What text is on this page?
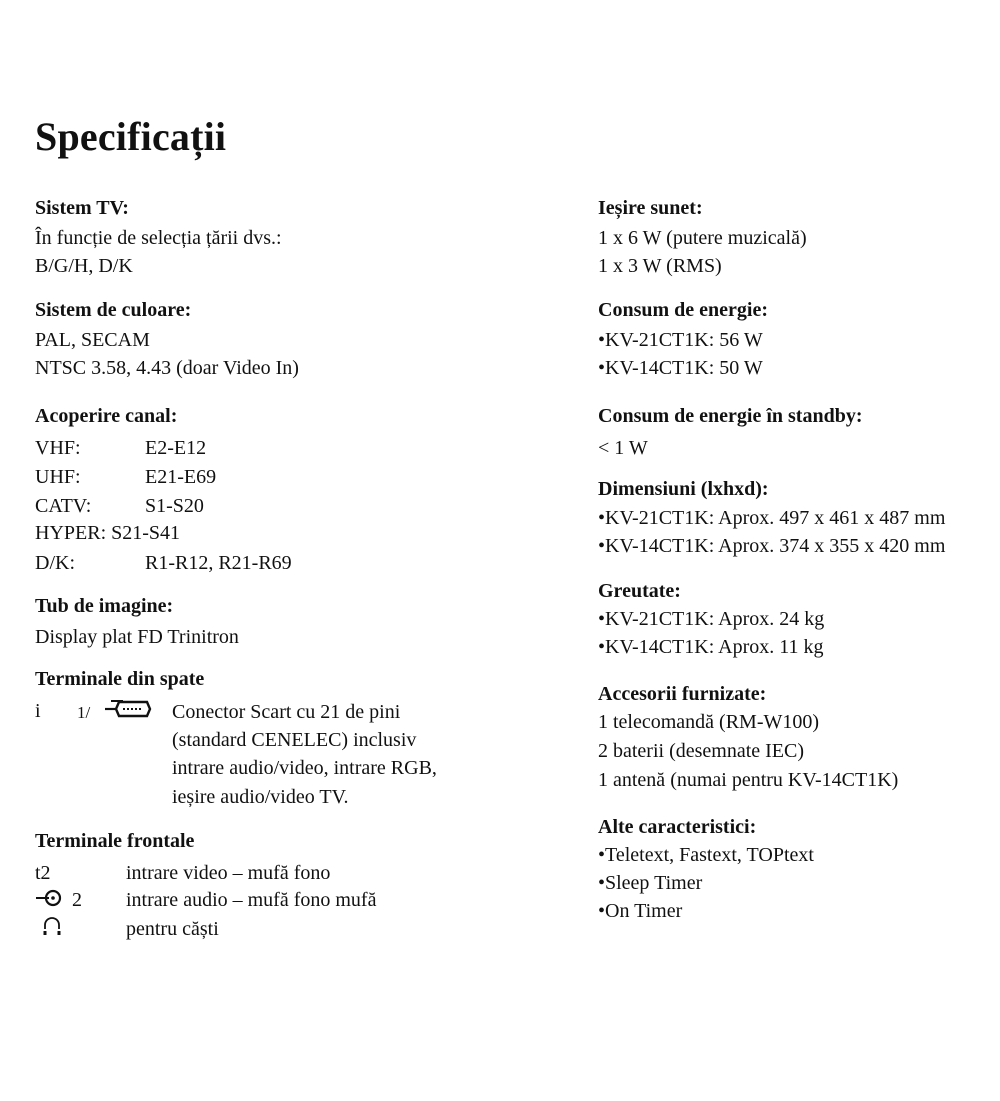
Specificații
Sistem TV:
În funcție de selecția țării dvs.:
B/G/H, D/K
Sistem de culoare:
PAL, SECAM
NTSC 3.58, 4.43 (doar Video In)
Acoperire canal:
VHF:	E2-E12
UHF:	E21-E69
CATV:	S1-S20
HYPER: S21-S41
D/K:	R1-R12, R21-R69
Tub de imagine:
Display plat FD Trinitron
Terminale din spate
i 1/	Conector Scart cu 21 de pini
(standard CENELEC) inclusiv
intrare audio/video, intrare RGB,
ieșire audio/video TV.
Terminale frontale
t2	intrare video – mufă fono
2 intrare audio – mufă fono mufă
pentru căști
Ieșire sunet:
1 x 6 W (putere muzicală)
1 x 3 W (RMS)
Consum de energie:
•KV-21CT1K: 56 W
•KV-14CT1K: 50 W
Consum de energie în standby:
< 1 W
Dimensiuni (lxhxd):
•KV-21CT1K: Aprox. 497 x 461 x 487 mm
•KV-14CT1K: Aprox. 374 x 355 x 420 mm
Greutate:
•KV-21CT1K: Aprox. 24 kg
•KV-14CT1K: Aprox. 11 kg
Accesorii furnizate:
1 telecomandă (RM-W100)
2 baterii (desemnate IEC)
1 antenă (numai pentru KV-14CT1K)
Alte caracteristici:
•Teletext, Fastext, TOPtext
•Sleep Timer
•On Timer
